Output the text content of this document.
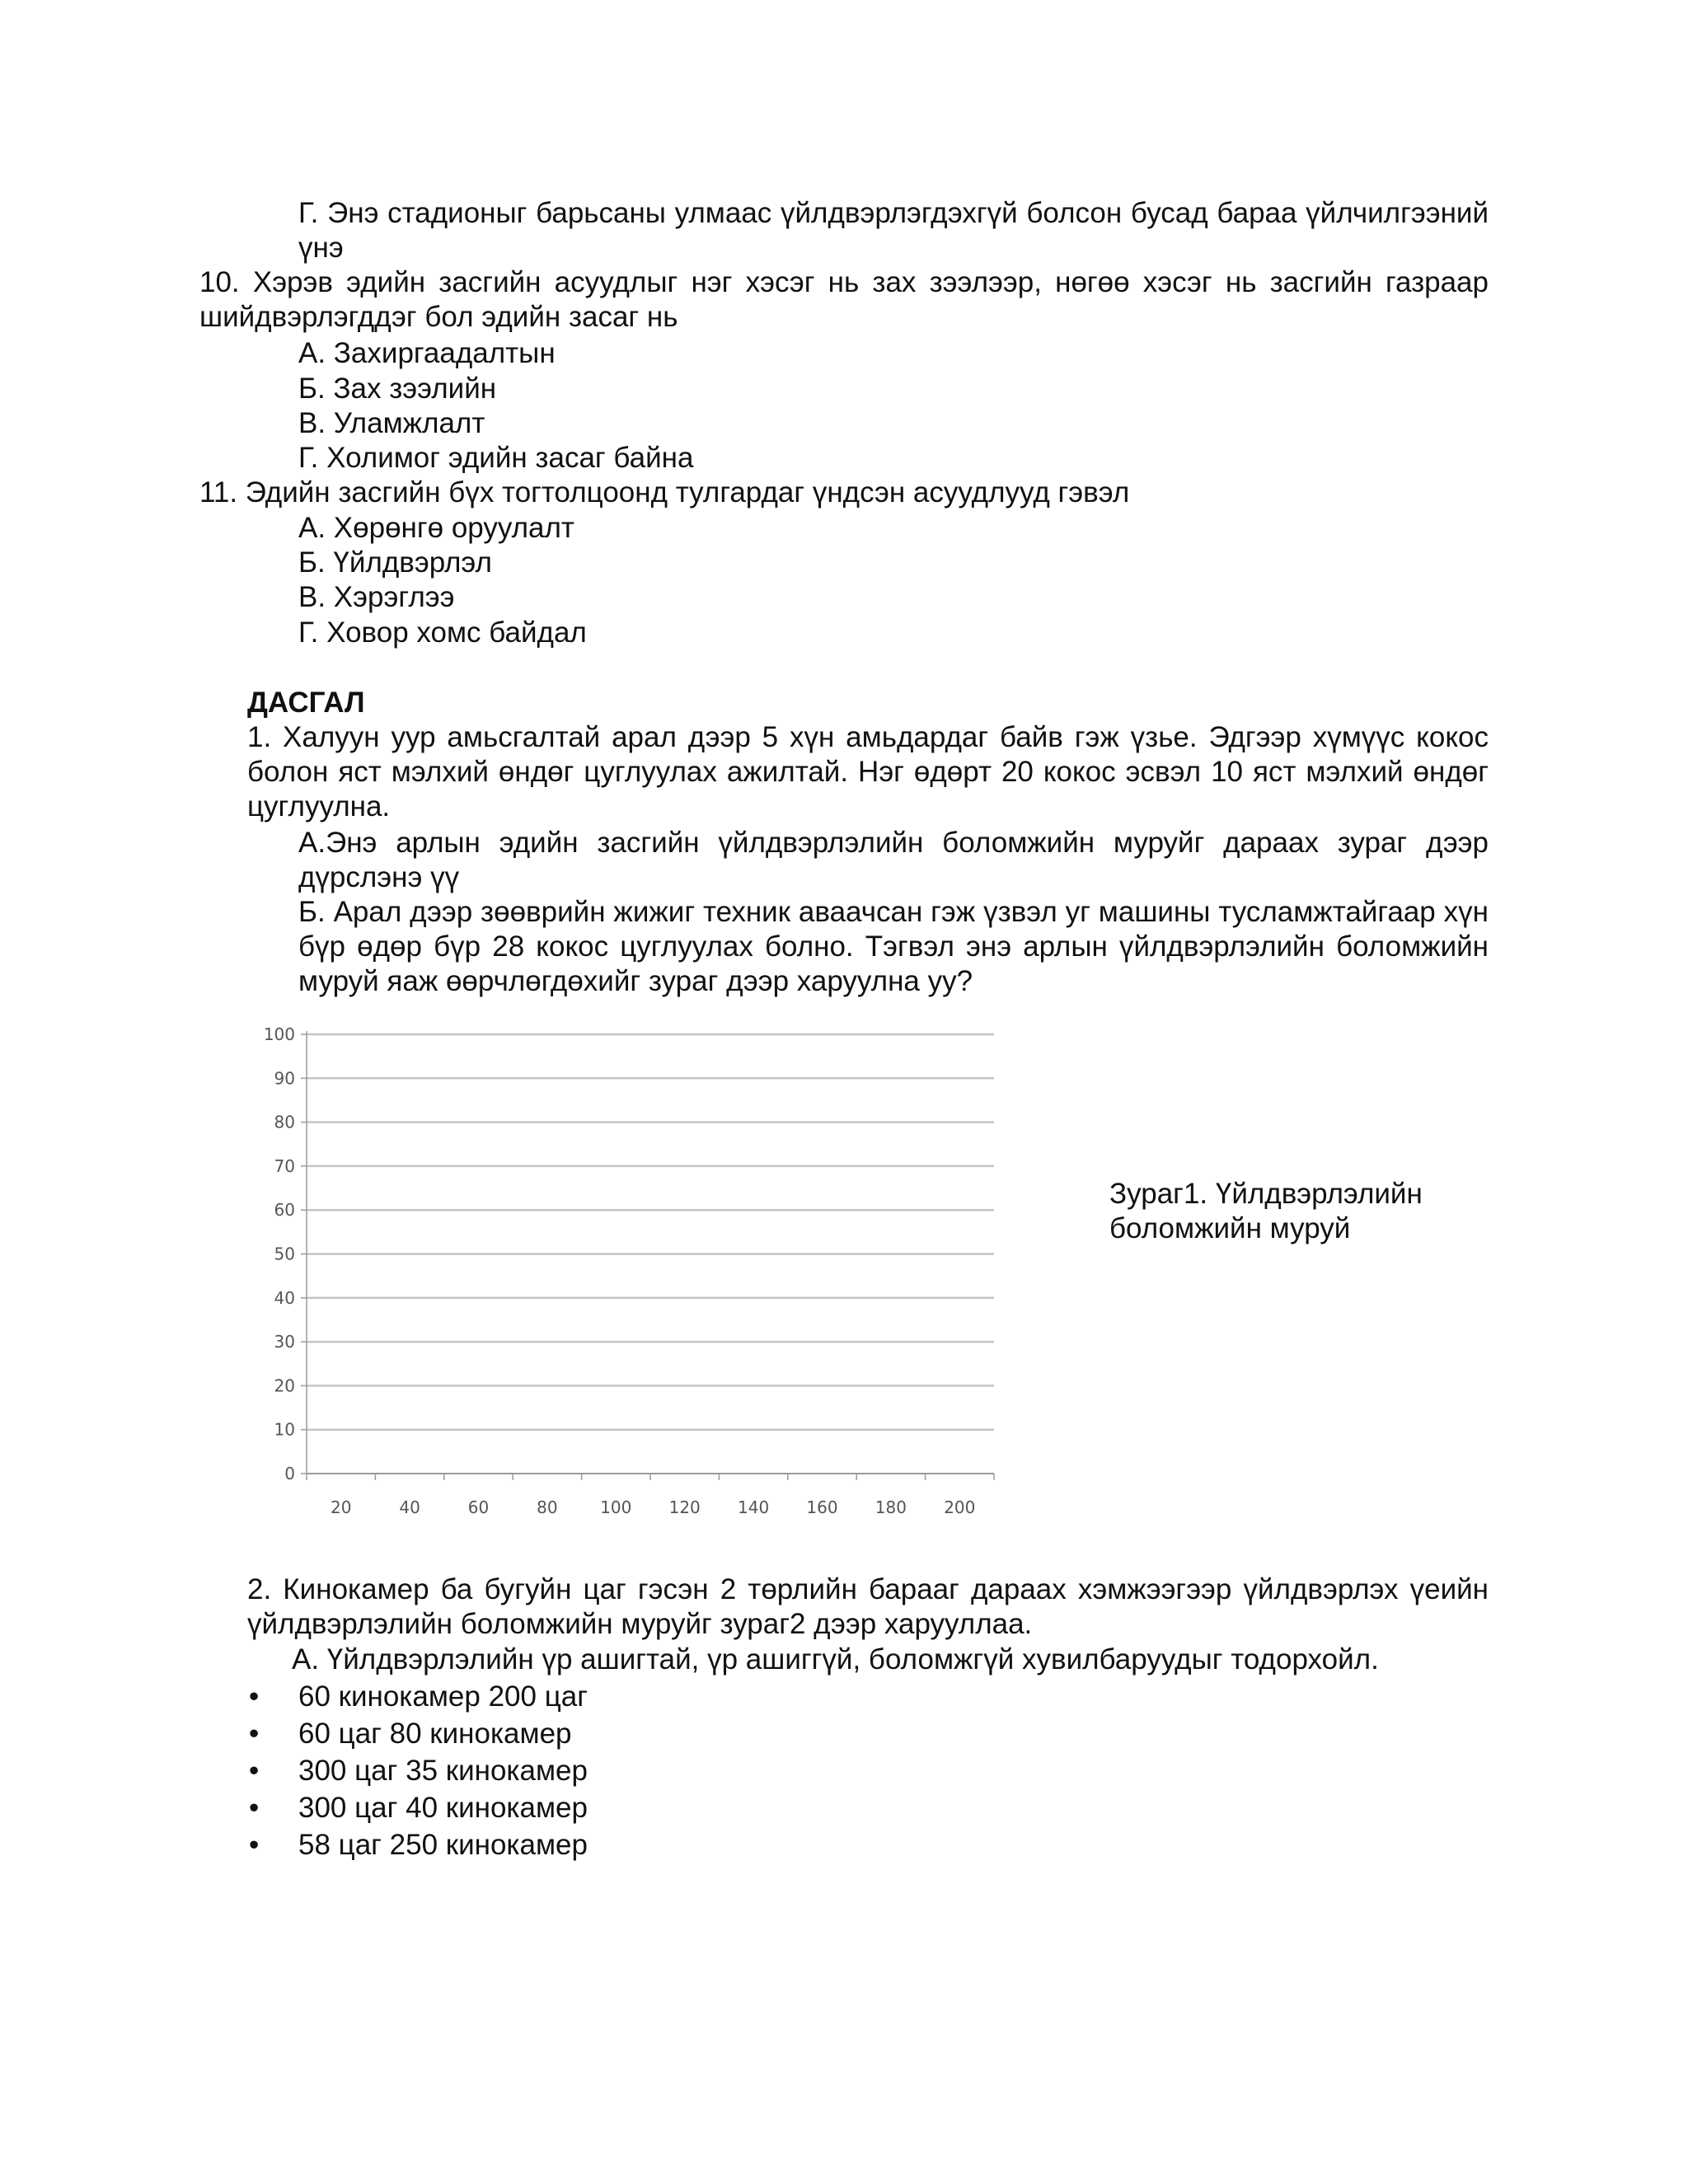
Г. Энэ стадионыг барьсаны улмаас үйлдвэрлэгдэхгүй болсон бусад бараа үйлчилгээний үнэ

10. Хэрэв эдийн засгийн асуудлыг нэг хэсэг нь зах зээлээр, нөгөө хэсэг нь засгийн газраар шийдвэрлэгддэг бол эдийн засаг нь

А. Захиргаадалтын
Б. Зах зээлийн
В. Уламжлалт
Г. Холимог эдийн засаг байна

11. Эдийн засгийн бүх тогтолцоонд тулгардаг үндсэн асуудлууд гэвэл

А. Хөрөнгө оруулалт
Б. Үйлдвэрлэл
В. Хэрэглээ
Г. Ховор хомс байдал

ДАСГАЛ

1. Халуун уур амьсгалтай арал дээр 5 хүн амьдардаг байв гэж үзье. Эдгээр хүмүүс кокос болон яст мэлхий өндөг цуглуулах ажилтай. Нэг өдөрт 20 кокос эсвэл 10 яст мэлхий өндөг цуглуулна.

А.Энэ арлын эдийн засгийн үйлдвэрлэлийн боломжийн муруйг дараах зураг дээр дүрслэнэ үү

Б. Арал дээр зөөврийн жижиг техник аваачсан гэж үзвэл уг машины тусламжтайгаар хүн бүр өдөр бүр 28 кокос цуглуулах болно. Тэгвэл энэ арлын үйлдвэрлэлийн боломжийн муруй яаж өөрчлөгдөхийг зураг дээр харуулна уу?

0
10
20
30
40
50
60
70
80
90
100
20	40	60	80	100 120 140 160 180 200

Зураг1. Үйлдвэрлэлийн

боломжийн муруй

2. Кинокамер ба бугуйн цаг гэсэн 2 төрлийн барааг дараах хэмжээгээр үйлдвэрлэх үеийн үйлдвэрлэлийн боломжийн муруйг зураг2 дээр харууллаа.

А. Үйлдвэрлэлийн үр ашигтай, үр ашиггүй, боломжгүй хувилбаруудыг тодорхойл.

• 60 кинокамер 200 цаг
• 60 цаг 80 кинокамер
• 300 цаг 35 кинокамер
• 300 цаг 40 кинокамер
• 58 цаг 250 кинокамер
